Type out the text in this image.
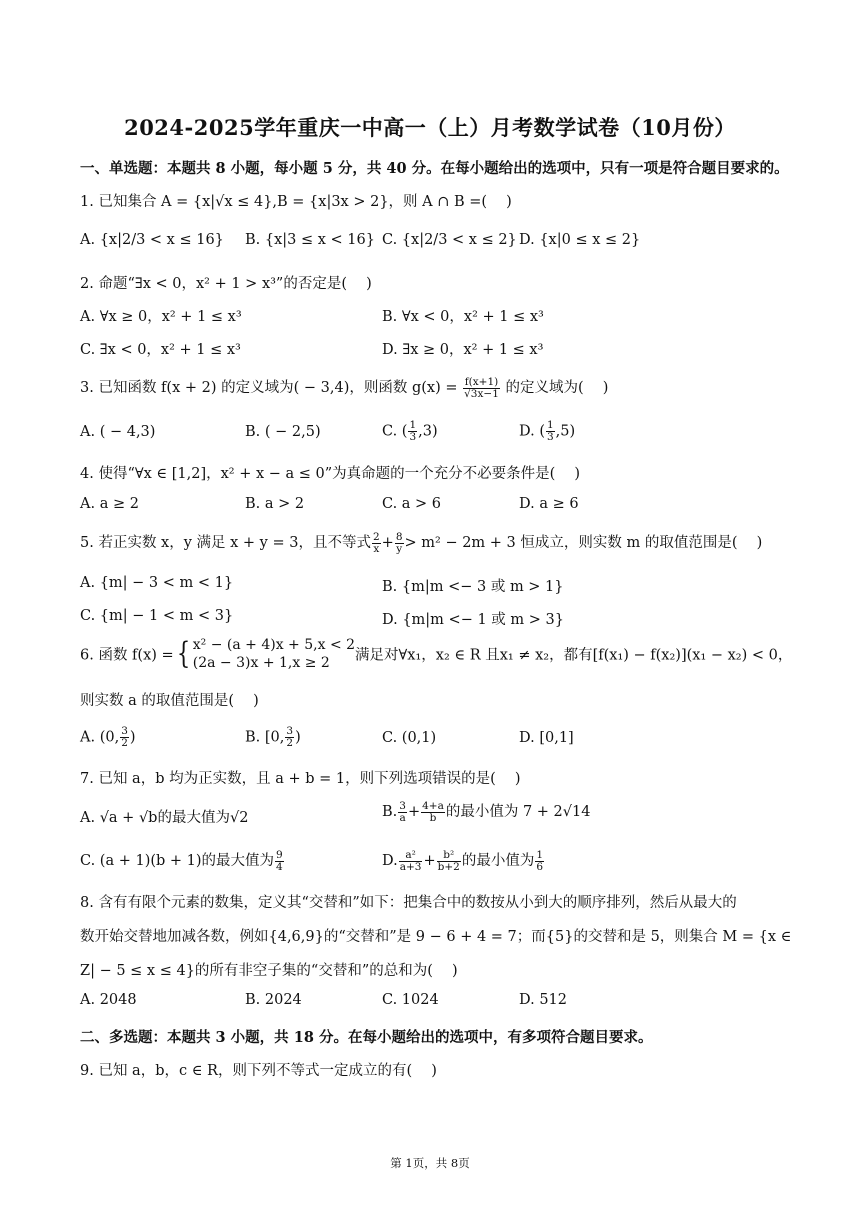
2024-2025学年重庆一中高一（上）月考数学试卷（10月份）
一、单选题：本题共 8 小题，每小题 5 分，共 40 分。在每小题给出的选项中，只有一项是符合题目要求的。
1. 已知集合 A = {x|√x ≤ 4},B = {x|3x > 2}，则 A ∩ B =(　 )
A. {x|2/3 < x ≤ 16} B. {x|3 ≤ x < 16} C. {x|2/3 < x ≤ 2} D. {x|0 ≤ x ≤ 2}
2. 命题“∃x < 0，x² + 1 > x³”的否定是(　 )
A. ∀x ≥ 0，x² + 1 ≤ x³	B. ∀x < 0，x² + 1 ≤ x³
C. ∃x < 0，x² + 1 ≤ x³	D. ∃x ≥ 0，x² + 1 ≤ x³
3. 已知函数 f(x + 2) 的定义域为( − 3,4)，则函数 $g(x) = \frac{f(x+1)}{√3x-1}$ 的定义域为(　 )
A. ( − 4,3)	B. ( − 2,5)	C. ( $\frac{1}{3} ,3$)	D. ( $\frac{1}{3} ,5$)
4. 使得“∀x ∈ [1,2]，x² + x − a ≤ 0”为真命题的一个充分不必要条件是(　 )
A. a ≥ 2	B. a > 2	C. a > 6	D. a ≥ 6
5. 若正实数 x，y 满足 x + y = 3，且不等式 $\frac{2}{x} + \frac{8}{y} > m^2 - 2m + 3$ 恒成立，则实数 m 的取值范围是(　 )
A. {m| − 3 < m < 1}	B. {m|m <− 3 或 m > 1}
C. {m| − 1 < m < 3}	D. {m|m <− 1 或 m > 3}
6. 函数 f(x) ={ x² − (a + 4)x + 5,x < 2
(2a − 3)x + 1,x ≥ 2	满足对∀x₁，x₂ ∈ R 且x₁ ≠ x₂，都有[f(x₁) − f(x₂)](x₁ − x₂) < 0，
则实数 a 的取值范围是(　 )
A. (0, $\frac{3}{2}$ )	B. [0, $\frac{3}{2}$ )	C. (0,1)	D. [0,1]
7. 已知 a，b 均为正实数，且 a + b = 1，则下列选项错误的是(　 )
A. √a + √b的最大值为√2	B. $\frac{3}{a} + \frac{4+a}{b}$ 的最小值为 7 + 2√14
C. (a + 1)(b + 1)的最大值为 $\frac{9}{4}$	D. $\frac{\text{a²}}{a+3} + \frac{\text{b²}}{b+2}$ 的最小值为 $\frac{1}{6}$
8. 含有有限个元素的数集，定义其“交替和”如下：把集合中的数按从小到大的顺序排列，然后从最大的
数开始交替地加减各数，例如{4,6,9}的“交替和”是 9 − 6 + 4 = 7；而{5}的交替和是 5，则集合 M = {x ∈
Z| − 5 ≤ x ≤ 4}的所有非空子集的“交替和”的总和为(　 )
A. 2048	B. 2024	C. 1024	D. 512
二、多选题：本题共 3 小题，共 18 分。在每小题给出的选项中，有多项符合题目要求。
9. 已知 a，b，c ∈ R，则下列不等式一定成立的有(　 )
第 1页，共 8页
